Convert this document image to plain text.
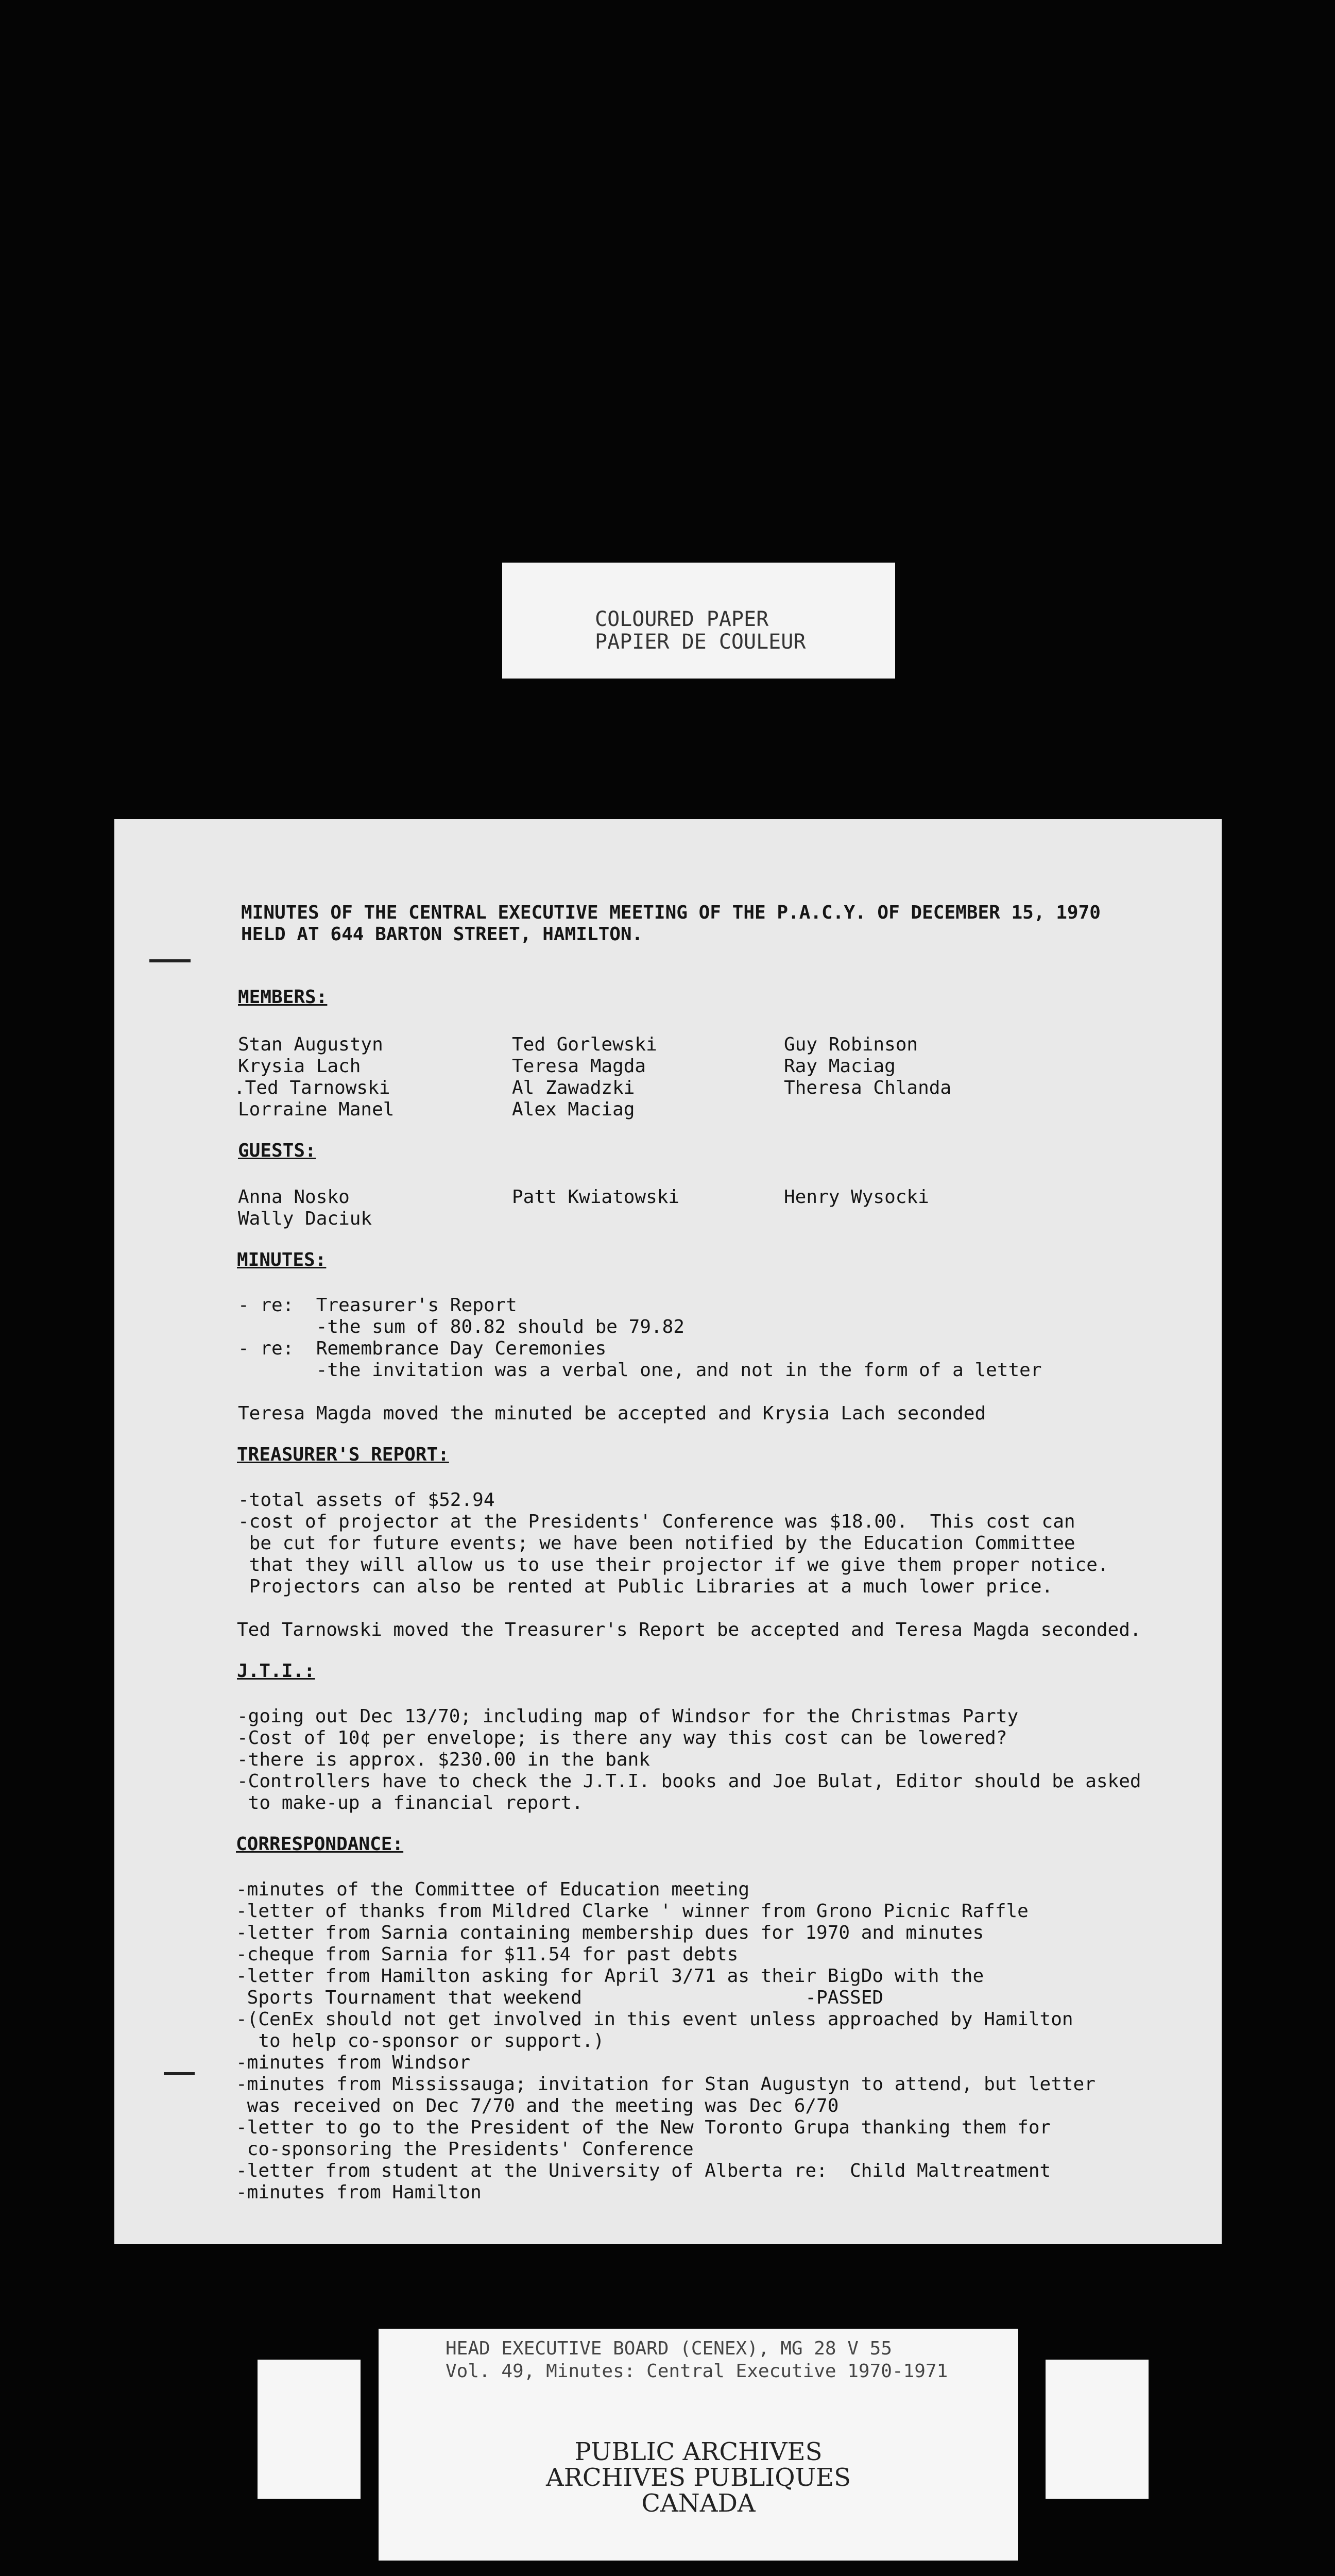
COLOURED PAPER
PAPIER DE COULEUR
MINUTES OF THE CENTRAL EXECUTIVE MEETING OF THE P.A.C.Y. OF DECEMBER 15, 1970
HELD AT 644 BARTON STREET, HAMILTON.
MEMBERS:
Stan Augustyn
Krysia Lach
.Ted Tarnowski
Lorraine Manel
Ted Gorlewski
Teresa Magda
Al Zawadzki
Alex Maciag
Guy Robinson
Ray Maciag
Theresa Chlanda
GUESTS:
Anna Nosko
Wally Daciuk
Patt Kwiatowski	Henry Wysocki
MINUTES:
- re:  Treasurer's Report
-the sum of 80.82 should be 79.82
- re:  Remembrance Day Ceremonies
-the invitation was a verbal one, and not in the form of a letter
Teresa Magda moved the minuted be accepted and Krysia Lach seconded
TREASURER'S REPORT:
-total assets of $52.94
-cost of projector at the Presidents' Conference was $18.00.  This cost can
be cut for future events; we have been notified by the Education Committee
that they will allow us to use their projector if we give them proper notice.
Projectors can also be rented at Public Libraries at a much lower price.
Ted Tarnowski moved the Treasurer's Report be accepted and Teresa Magda seconded.
J.T.I.:
-going out Dec 13/70; including map of Windsor for the Christmas Party
-Cost of 10¢ per envelope; is there any way this cost can be lowered?
-there is approx. $230.00 in the bank
-Controllers have to check the J.T.I. books and Joe Bulat, Editor should be asked
to make-up a financial report.
CORRESPONDANCE:
-minutes of the Committee of Education meeting
-letter of thanks from Mildred Clarke ' winner from Grono Picnic Raffle
-letter from Sarnia containing membership dues for 1970 and minutes
-cheque from Sarnia for $11.54 for past debts
-letter from Hamilton asking for April 3/71 as their BigDo with the
Sports Tournament that weekend                    -PASSED
-(CenEx should not get involved in this event unless approached by Hamilton
to help co-sponsor or support.)
-minutes from Windsor
-minutes from Mississauga; invitation for Stan Augustyn to attend, but letter
was received on Dec 7/70 and the meeting was Dec 6/70
-letter to go to the President of the New Toronto Grupa thanking them for
co-sponsoring the Presidents' Conference
-letter from student at the University of Alberta re:  Child Maltreatment
-minutes from Hamilton
HEAD EXECUTIVE BOARD (CENEX), MG 28 V 55
Vol. 49, Minutes: Central Executive 1970-1971
PUBLIC ARCHIVES
ARCHIVES PUBLIQUES
CANADA
